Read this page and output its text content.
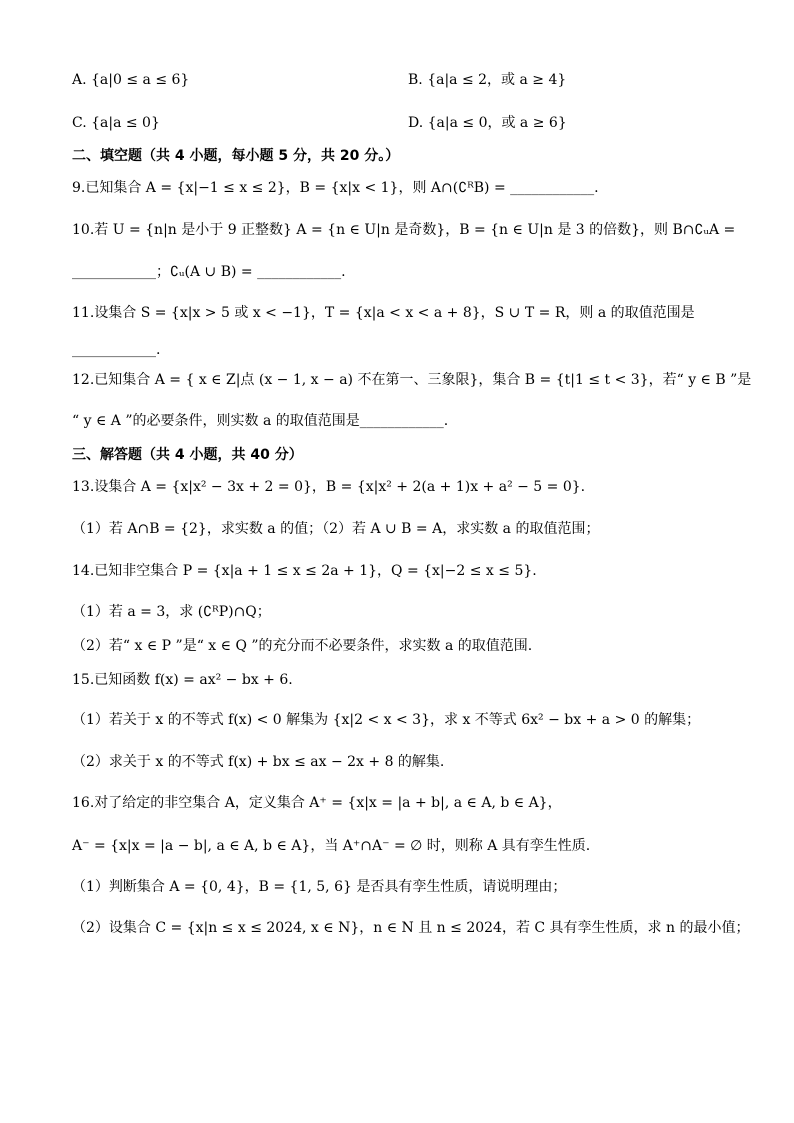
A. {a|0 ≤ a ≤ 6}	B. {a|a ≤ 2，或 a ≥ 4}
C. {a|a ≤ 0}	D. {a|a ≤ 0，或 a ≥ 6}
二、填空题（共 4 小题，每小题 5 分，共 20 分。）
9.已知集合 A = {x|−1 ≤ x ≤ 2}，B = {x|x < 1}，则 A∩(∁ᴿB) = ____________.
10.若 U = {n|n 是小于 9 正整数} A = {n ∈ U|n 是奇数}，B = {n ∈ U|n 是 3 的倍数}，则 B∩∁ᵤA =
____________；∁ᵤ(A ∪ B) = ____________.
11.设集合 S = {x|x > 5 或 x < −1}，T = {x|a < x < a + 8}，S ∪ T = R，则 a 的取值范围是
____________.
12.已知集合 A = { x ∈ Z|点 (x − 1, x − a) 不在第一、三象限}，集合 B = {t|1 ≤ t < 3}，若“ y ∈ B ”是
“ y ∈ A ”的必要条件，则实数 a 的取值范围是____________.
三、解答题（共 4 小题，共 40 分）
13.设集合 A = {x|x² − 3x + 2 = 0}，B = {x|x² + 2(a + 1)x + a² − 5 = 0}.
（1）若 A∩B = {2}，求实数 a 的值；（2）若 A ∪ B = A，求实数 a 的取值范围；
14.已知非空集合 P = {x|a + 1 ≤ x ≤ 2a + 1}，Q = {x|−2 ≤ x ≤ 5}.
（1）若 a = 3，求 (∁ᴿP)∩Q；
（2）若“ x ∈ P ”是“ x ∈ Q ”的充分而不必要条件，求实数 a 的取值范围.
15.已知函数 f(x) = ax² − bx + 6.
（1）若关于 x 的不等式 f(x) < 0 解集为 {x|2 < x < 3}，求 x 不等式 6x² − bx + a > 0 的解集；
（2）求关于 x 的不等式 f(x) + bx ≤ ax − 2x + 8 的解集.
16.对了给定的非空集合 A，定义集合 A⁺ = {x|x = |a + b|, a ∈ A, b ∈ A}，
A⁻ = {x|x = |a − b|, a ∈ A, b ∈ A}，当 A⁺∩A⁻ = ∅ 时，则称 A 具有孪生性质.
（1）判断集合 A = {0, 4}，B = {1, 5, 6} 是否具有孪生性质，请说明理由；
（2）设集合 C = {x|n ≤ x ≤ 2024, x ∈ N}，n ∈ N 且 n ≤ 2024，若 C 具有孪生性质，求 n 的最小值；
